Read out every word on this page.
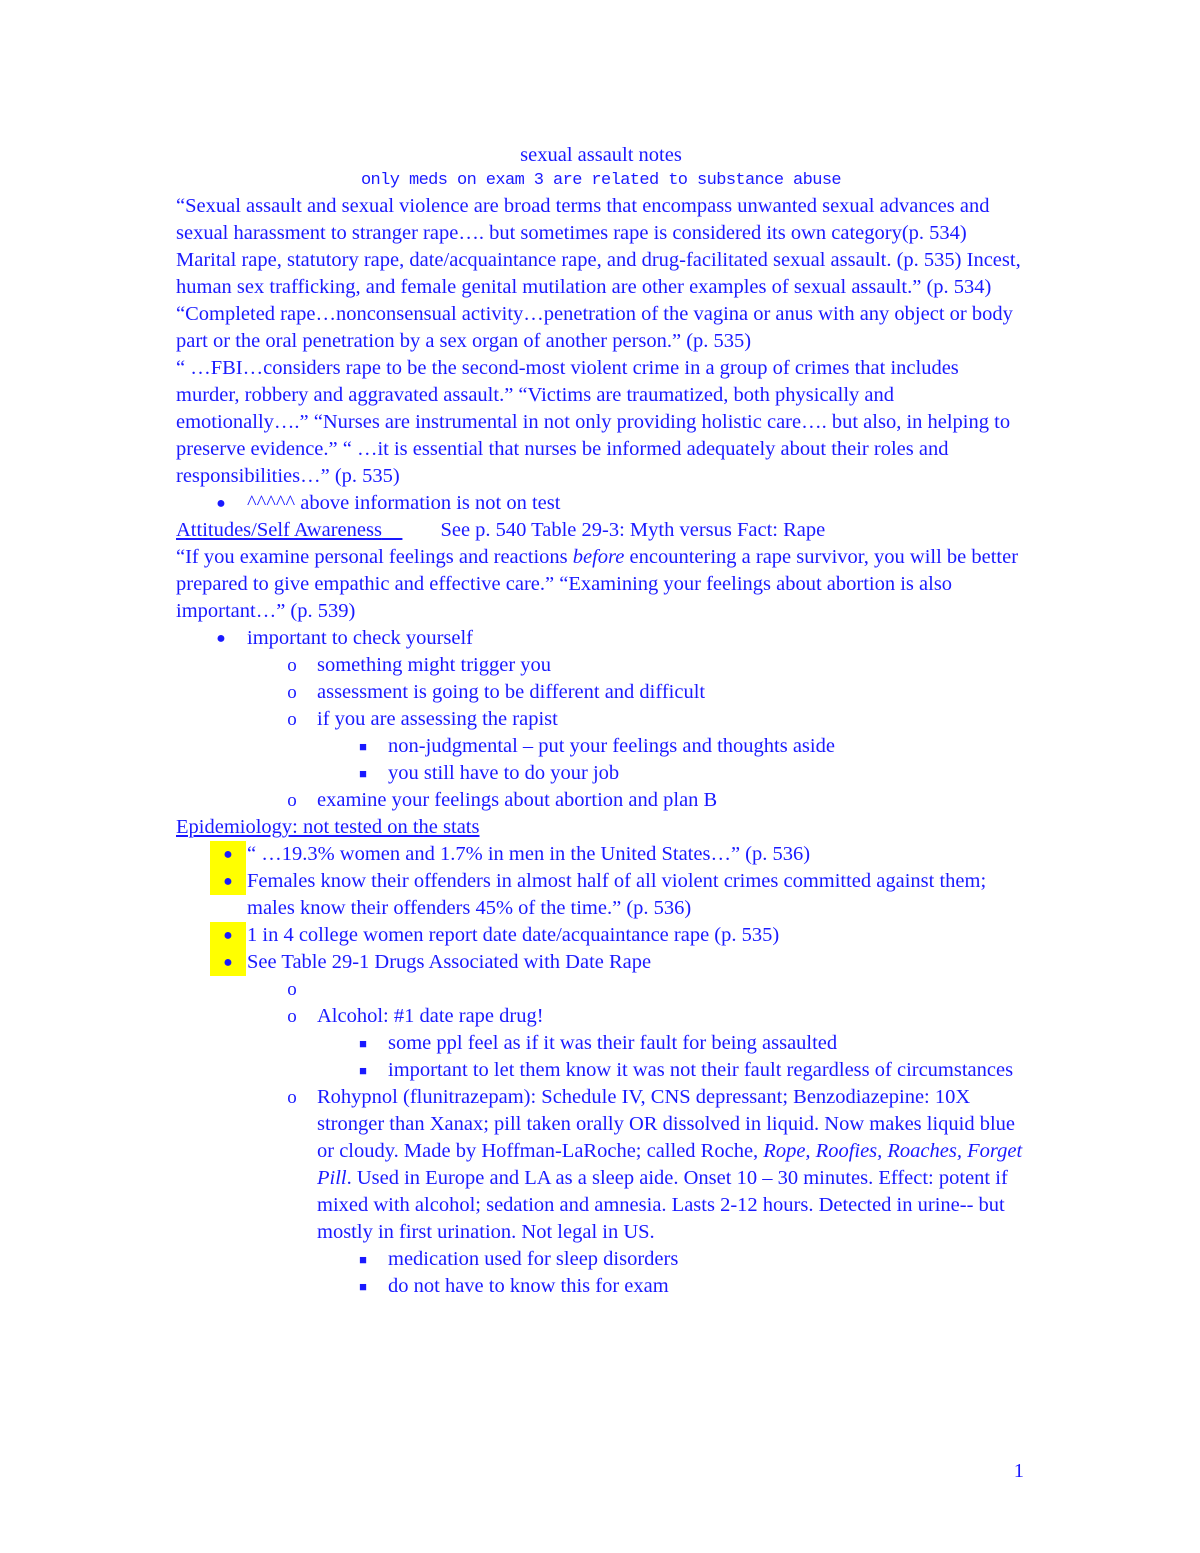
sexual assault notes

only meds on exam 3 are related to substance abuse

“Sexual assault and sexual violence are broad terms that encompass unwanted sexual advances and sexual harassment to stranger rape…. but sometimes rape is considered its own category(p. 534) Marital rape, statutory rape, date/acquaintance rape, and drug-facilitated sexual assault. (p. 535) Incest, human sex trafficking, and female genital mutilation are other examples of sexual assault.” (p. 534)

“Completed rape…nonconsensual activity…penetration of the vagina or anus with any object or body part or the oral penetration by a sex organ of another person.” (p. 535)

“ …FBI…considers rape to be the second-most violent crime in a group of crimes that includes murder, robbery and aggravated assault.” “Victims are traumatized, both physically and emotionally….” “Nurses are instrumental in not only providing holistic care…. but also, in helping to preserve evidence.” “ …it is essential that nurses be informed adequately about their roles and responsibilities…” (p. 535)

●	^^^^^ above information is not on test

Attitudes/Self Awareness	See p. 540 Table 29-3: Myth versus Fact: Rape

“If you examine personal feelings and reactions before encountering a rape survivor, you will be better prepared to give empathic and effective care.” “Examining your feelings about abortion is also important…” (p. 539)

●	important to check yourself
o something might trigger you
o assessment is going to be different and difficult
o if you are assessing the rapist
■	non-judgmental – put your feelings and thoughts aside
■	you still have to do your job
o examine your feelings about abortion and plan B

Epidemiology: not tested on the stats

● “ …19.3% women and 1.7% in men in the United States…” (p. 536)
● Females know their offenders in almost half of all violent crimes committed against them; males know their offenders 45% of the time.” (p. 536)
● 1 in 4 college women report date date/acquaintance rape (p. 535)
● See Table 29-1 Drugs Associated with Date Rape
o

o Alcohol: #1 date rape drug!
■	some ppl feel as if it was their fault for being assaulted
■	important to let them know it was not their fault regardless of circumstances
o Rohypnol (flunitrazepam): Schedule IV, CNS depressant; Benzodiazepine: 10X stronger than Xanax; pill taken orally OR dissolved in liquid. Now makes liquid blue or cloudy. Made by Hoffman-LaRoche; called Roche, Rope, Roofies, Roaches, Forget Pill. Used in Europe and LA as a sleep aide. Onset 10 – 30 minutes. Effect: potent if mixed with alcohol; sedation and amnesia. Lasts 2-12 hours. Detected in urine-- but mostly in first urination. Not legal in US.
■	medication used for sleep disorders
■	do not have to know this for exam
1
